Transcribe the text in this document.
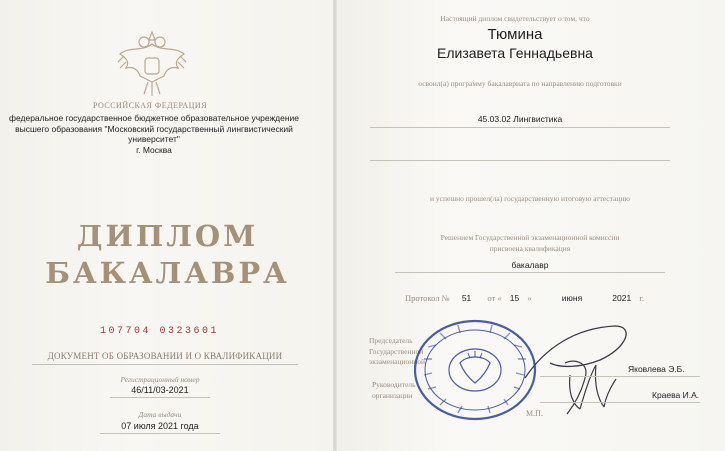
РОССИЙСКАЯ ФЕДЕРАЦИЯ
федеральное государственное бюджетное образовательное учреждение
высшего образования "Московский государственный лингвистический
университет"
г. Москва
ДИПЛОМ
БАКАЛАВРА
107704 0323601
ДОКУМЕНТ ОБ ОБРАЗОВАНИИ И О КВАЛИФИКАЦИИ
Регистрационный номер
46/11/03-2021
Дата выдачи
07 июля 2021 года
Настоящий диплом свидетельствует о том, что
Тюмина
Елизавета Геннадьевна
освоил(а) программу бакалавриата по направлению подготовки
45.03.02 Лингвистика
и успешно прошел(ла) государственную итоговую аттестацию
Решением Государственной экзаменационной комиссии
присвоена квалификация
бакалавр
Протокол № 51 от « 15 »	июня	2021 г.
Председатель
Государственной
экзаменационной
Руководитель
организации
М.П.
Яковлева Э.Б.
Краева И.А.
